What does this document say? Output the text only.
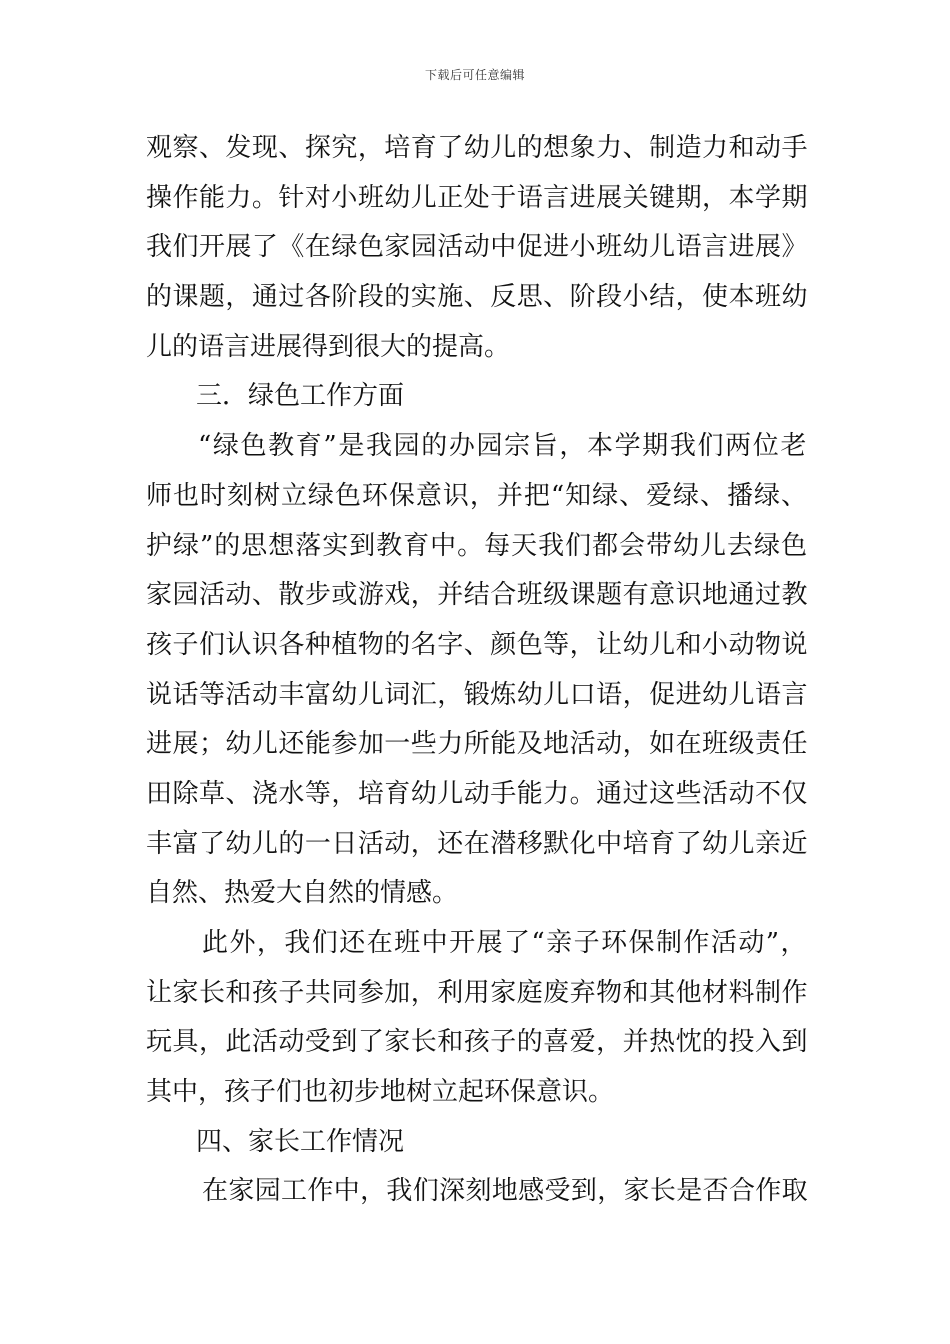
下载后可任意编辑
观察、发现、探究，培育了幼儿的想象力、制造力和动手
操作能力。针对小班幼儿正处于语言进展关键期，本学期
我们开展了《在绿色家园活动中促进小班幼儿语言进展》
的课题，通过各阶段的实施、反思、阶段小结，使本班幼
儿的语言进展得到很大的提高。
三．绿色工作方面
“绿色教育”是我园的办园宗旨，本学期我们两位老
师也时刻树立绿色环保意识，并把“知绿、爱绿、播绿、
护绿”的思想落实到教育中。每天我们都会带幼儿去绿色
家园活动、散步或游戏，并结合班级课题有意识地通过教
孩子们认识各种植物的名字、颜色等，让幼儿和小动物说
说话等活动丰富幼儿词汇，锻炼幼儿口语，促进幼儿语言
进展；幼儿还能参加一些力所能及地活动，如在班级责任
田除草、浇水等，培育幼儿动手能力。通过这些活动不仅
丰富了幼儿的一日活动，还在潜移默化中培育了幼儿亲近
自然、热爱大自然的情感。
此外，我们还在班中开展了“亲子环保制作活动”，
让家长和孩子共同参加，利用家庭废弃物和其他材料制作
玩具，此活动受到了家长和孩子的喜爱，并热忱的投入到
其中，孩子们也初步地树立起环保意识。
四、家长工作情况
在家园工作中，我们深刻地感受到，家长是否合作取
